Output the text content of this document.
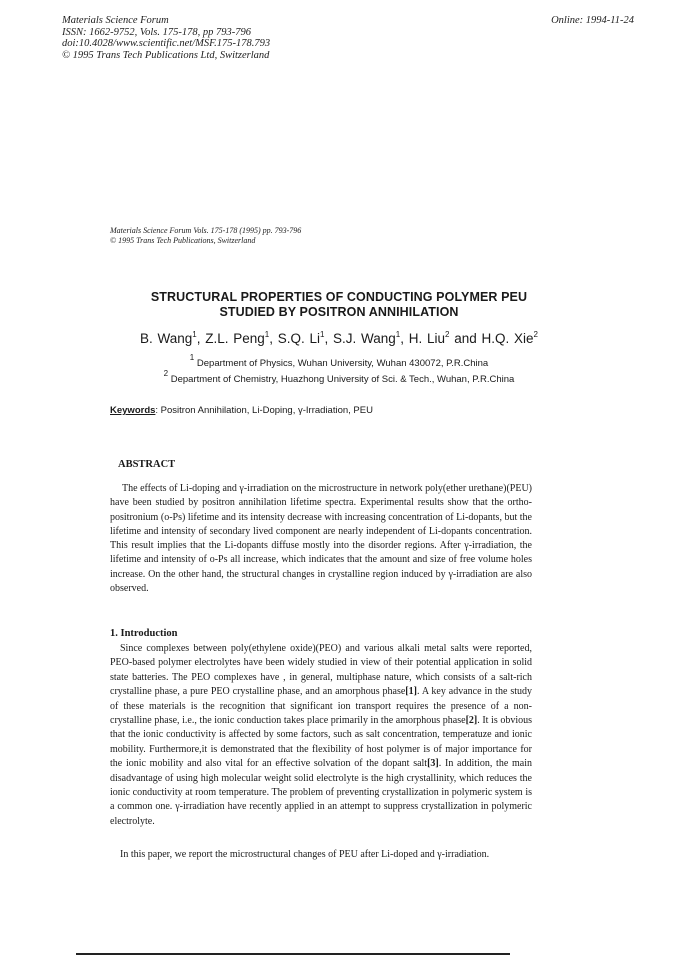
Materials Science Forum
ISSN: 1662-9752, Vols. 175-178, pp 793-796
doi:10.4028/www.scientific.net/MSF.175-178.793
© 1995 Trans Tech Publications Ltd, Switzerland
Online: 1994-11-24
Materials Science Forum Vols. 175-178 (1995) pp. 793-796
© 1995 Trans Tech Publications, Switzerland
STRUCTURAL PROPERTIES OF CONDUCTING POLYMER PEU
STUDIED BY POSITRON ANNIHILATION
B. Wang$^1$, Z.L. Peng$^1$, S.Q. Li$^1$, S.J. Wang$^1$, H. Liu$^2$ and H.Q. Xie$^2$
$^1$ Department of Physics, Wuhan University, Wuhan 430072, P.R.China
$^2$ Department of Chemistry, Huazhong University of Sci. & Tech., Wuhan, P.R.China
Keywords: Positron Annihilation, Li-Doping, γ-Irradiation, PEU
ABSTRACT
The effects of Li-doping and γ-irradiation on the microstructure in network poly(ether urethane)(PEU) have been studied by positron annihilation lifetime spectra. Experimental results show that the ortho-positronium (o-Ps) lifetime and its intensity decrease with increasing concentration of Li-dopants, but the lifetime and intensity of secondary lived component are nearly independent of Li-dopants concentration. This result implies that the Li-dopants diffuse mostly into the disorder regions. After γ-irradiation, the lifetime and intensity of o-Ps all increase, which indicates that the amount and size of free volume holes increase. On the other hand, the structural changes in crystalline region induced by γ-irradiation are also observed.
1. Introduction

Since complexes between poly(ethylene oxide)(PEO) and various alkali metal salts were reported, PEO-based polymer electrolytes have been widely studied in view of their potential application in solid state batteries. The PEO complexes have , in general, multiphase nature, which consists of a salt-rich crystalline phase, a pure PEO crystalline phase, and an amorphous phase[1]. A key advance in the study of these materials is the recognition that significant ion transport requires the presence of a non-crystalline phase, i.e., the ionic conduction takes place primarily in the amorphous phase[2]. It is obvious that the ionic conductivity is affected by some factors, such as salt concentration, temperatuze and ionic mobility. Furthermore,it is demonstrated that the flexibility of host polymer is of major importance for the ionic mobility and also vital for an effective solvation of the dopant salt[3]. In addition, the main disadvantage of using high molecular weight solid electrolyte is the high crystallinity, which reduces the ionic conductivity at room temperature. The problem of preventing crystallization in polymeric system is a common one. γ-irradiation have recently applied in an attempt to suppress crystallization in polymeric electrolyte.

In this paper, we report the microstructural changes of PEU after Li-doped and γ-irradiation.
